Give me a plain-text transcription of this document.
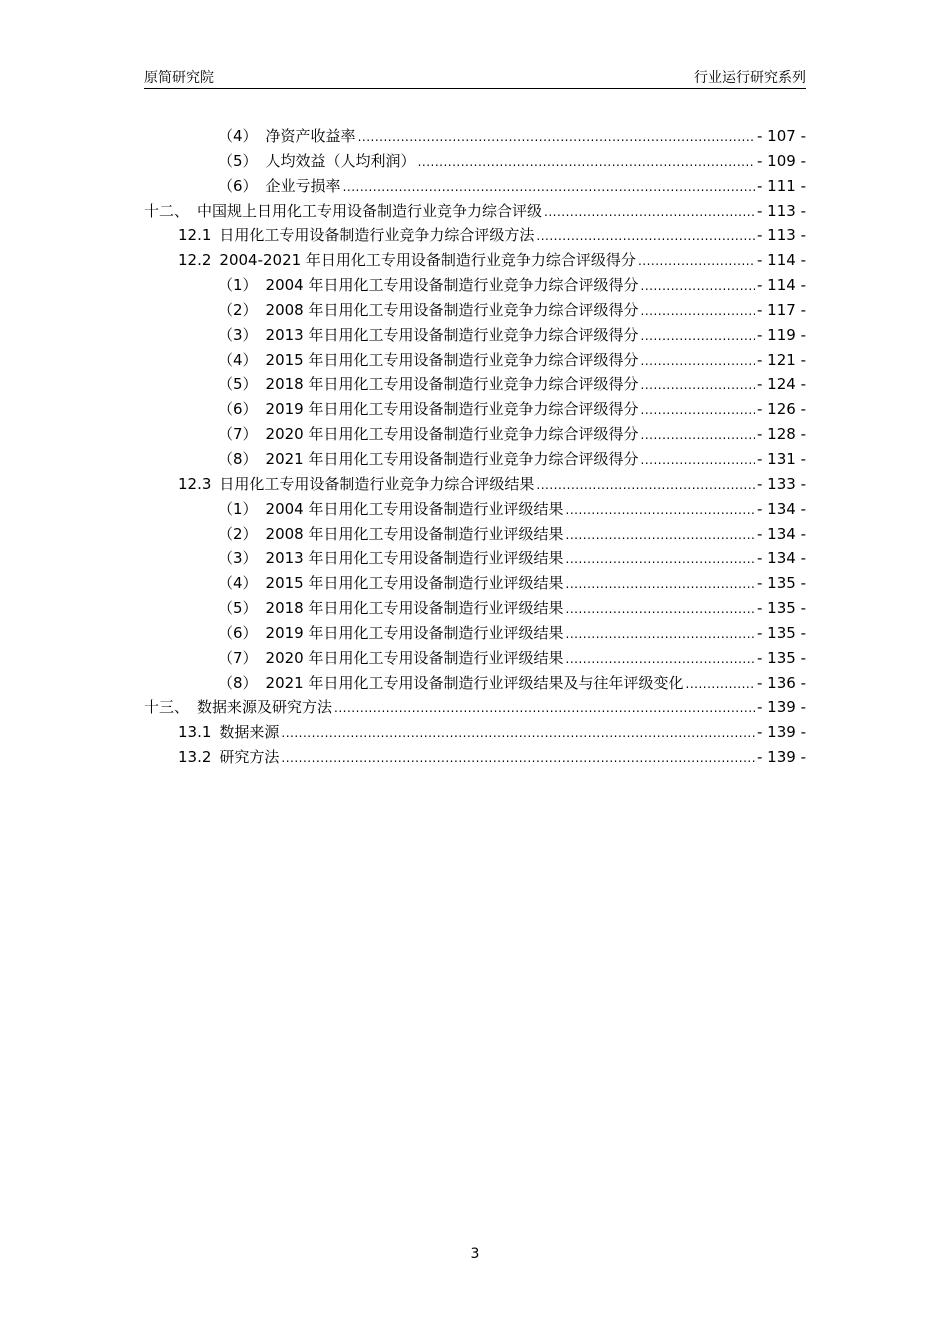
原简研究院	行业运行研究系列
（4） 净资产收益率 .....	- 107 -
（5） 人均效益（人均利润） .....	- 109 -
（6） 企业亏损率 .....	- 111 -
十二、 中国规上日用化工专用设备制造行业竞争力综合评级 .....	- 113 -
12.1 日用化工专用设备制造行业竞争力综合评级方法 .....	- 113 -
12.2 2004-2021 年日用化工专用设备制造行业竞争力综合评级得分 .....	- 114 -
（1） 2004 年日用化工专用设备制造行业竞争力综合评级得分 .....	- 114 -
（2） 2008 年日用化工专用设备制造行业竞争力综合评级得分 .....	- 117 -
（3） 2013 年日用化工专用设备制造行业竞争力综合评级得分 .....	- 119 -
（4） 2015 年日用化工专用设备制造行业竞争力综合评级得分 .....	- 121 -
（5） 2018 年日用化工专用设备制造行业竞争力综合评级得分 .....	- 124 -
（6） 2019 年日用化工专用设备制造行业竞争力综合评级得分 .....	- 126 -
（7） 2020 年日用化工专用设备制造行业竞争力综合评级得分 .....	- 128 -
（8） 2021 年日用化工专用设备制造行业竞争力综合评级得分 .....	- 131 -
12.3 日用化工专用设备制造行业竞争力综合评级结果 .....	- 133 -
（1） 2004 年日用化工专用设备制造行业评级结果 .....	- 134 -
（2） 2008 年日用化工专用设备制造行业评级结果 .....	- 134 -
（3） 2013 年日用化工专用设备制造行业评级结果 .....	- 134 -
（4） 2015 年日用化工专用设备制造行业评级结果 .....	- 135 -
（5） 2018 年日用化工专用设备制造行业评级结果 .....	- 135 -
（6） 2019 年日用化工专用设备制造行业评级结果 .....	- 135 -
（7） 2020 年日用化工专用设备制造行业评级结果 .....	- 135 -
（8） 2021 年日用化工专用设备制造行业评级结果及与往年评级变化 .....	- 136 -
十三、 数据来源及研究方法 .....	- 139 -
13.1 数据来源 .....	- 139 -
13.2 研究方法 .....	- 139 -
3
